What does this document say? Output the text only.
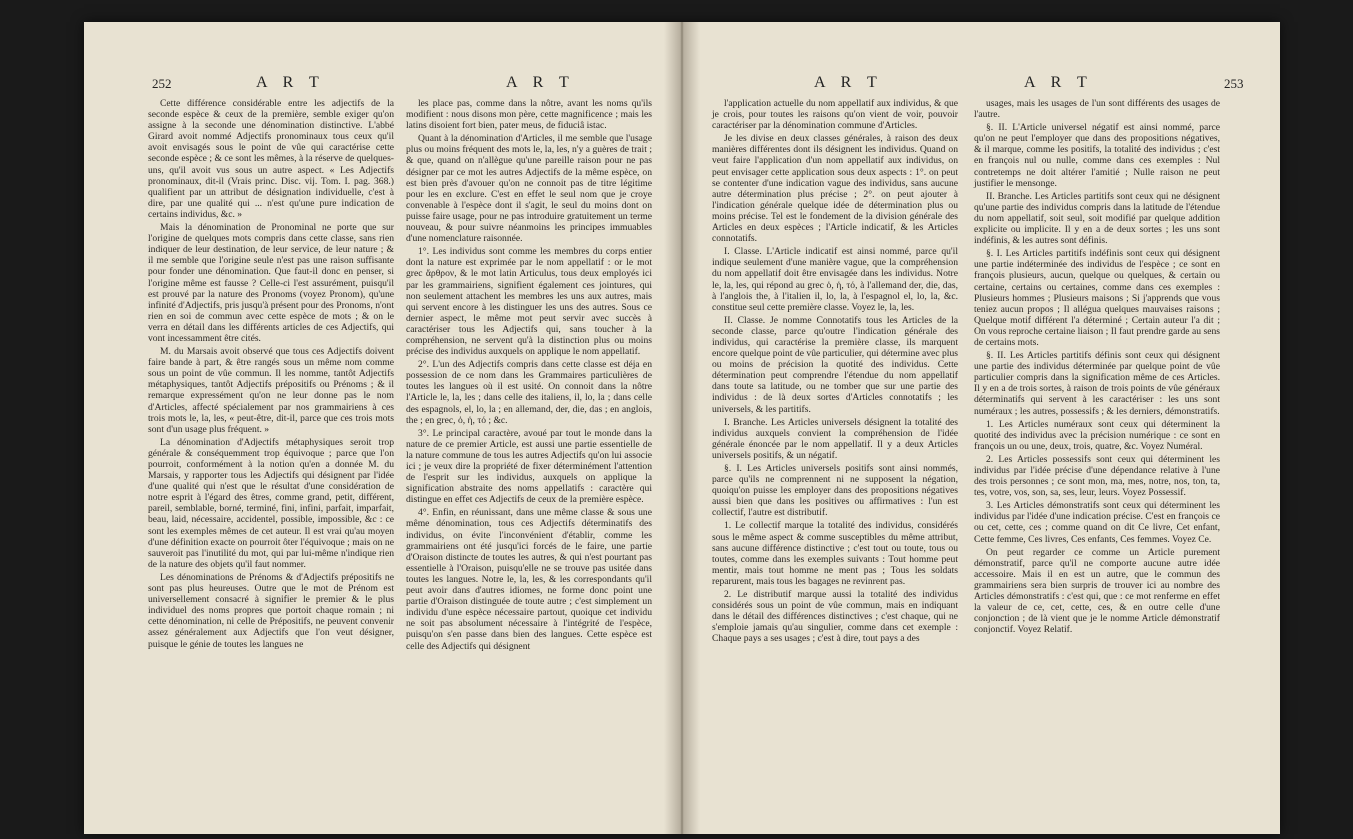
252	A R T	A R T

Cette différence considérable entre les adjectifs de la seconde espèce & ceux de la première, semble exiger qu'on assigne à la seconde une dénomination distinctive. L'abbé Girard avoit nommé Adjectifs pronominaux tous ceux qu'il avoit envisagés sous le point de vûe qui caractérise cette seconde espèce ; & ce sont les mêmes, à la réserve de quelques-uns, qu'il avoit vus sous un autre aspect. « Les Adjectifs pronominaux, dit-il (Vrais princ. Disc. vij. Tom. I. pag. 368.) qualifient par un attribut de désignation individuelle, c'est à dire, par une qualité qui ... n'est qu'une pure indication de certains individus, &c. »

Mais la dénomination de Pronominal ne porte que sur l'origine de quelques mots compris dans cette classe, sans rien indiquer de leur destination, de leur service, de leur nature ; & il me semble que l'origine seule n'est pas une raison suffisante pour fonder une dénomination. Que faut-il donc en penser, si l'origine même est fausse ? Celle-ci l'est assurément, puisqu'il est prouvé par la nature des Pronoms (voyez Pronom), qu'une infinité d'Adjectifs, pris jusqu'à présent pour des Pronoms, n'ont rien en soi de commun avec cette espèce de mots ; & on le verra en détail dans les différents articles de ces Adjectifs, qui vont incessamment être cités.

M. du Marsais avoit observé que tous ces Adjectifs doivent faire bande à part, & être rangés sous un même nom comme sous un point de vûe commun. Il les nomme, tantôt Adjectifs métaphysiques, tantôt Adjectifs prépositifs ou Prénoms ; & il remarque expressément qu'on ne leur donne pas le nom d'Articles, affecté spécialement par nos grammairiens à ces trois mots le, la, les, « peut-être, dit-il, parce que ces trois mots sont d'un usage plus fréquent. »

La dénomination d'Adjectifs métaphysiques seroit trop générale & conséquemment trop équivoque ; parce que l'on pourroit, conformément à la notion qu'en a donnée M. du Marsais, y rapporter tous les Adjectifs qui désignent par l'idée d'une qualité qui n'est que le résultat d'une considération de notre esprit à l'égard des êtres, comme grand, petit, différent, pareil, semblable, borné, terminé, fini, infini, parfait, imparfait, beau, laid, nécessaire, accidentel, possible, impossible, &c : ce sont les exemples mêmes de cet auteur. Il est vrai qu'au moyen d'une définition exacte on pourroit ôter l'équivoque ; mais on ne sauveroit pas l'inutilité du mot, qui par lui-même n'indique rien de la nature des objets qu'il faut nommer.

Les dénominations de Prénoms & d'Adjectifs prépositifs ne sont pas plus heureuses. Outre que le mot de Prénom est universellement consacré à signifier le premier & le plus individuel des noms propres que portoit chaque romain ; ni cette dénomination, ni celle de Prépositifs, ne peuvent convenir assez généralement aux Adjectifs que l'on veut désigner, puisque le génie de toutes les langues ne

les place pas, comme dans la nôtre, avant les noms qu'ils modifient : nous disons mon père, cette magnificence ; mais les latins disoient fort bien, pater meus, de fiduciâ istac.

Quant à la dénomination d'Articles, il me semble que l'usage plus ou moins fréquent des mots le, la, les, n'y a guères de trait ; & que, quand on n'allègue qu'une pareille raison pour ne pas désigner par ce mot les autres Adjectifs de la même espèce, on est bien près d'avouer qu'on ne connoit pas de titre légitime pour les en exclure. C'est en effet le seul nom que je croye convenable à l'espèce dont il s'agit, le seul du moins dont on puisse faire usage, pour ne pas introduire gratuitement un terme nouveau, & pour suivre néanmoins les principes immuables d'une nomenclature raisonnée.

1°. Les individus sont comme les membres du corps entier dont la nature est exprimée par le nom appellatif : or le mot grec ἄρθρον, & le mot latin Articulus, tous deux employés ici par les grammairiens, signifient également ces jointures, qui non seulement attachent les membres les uns aux autres, mais qui servent encore à les distinguer les uns des autres. Sous ce dernier aspect, le même mot peut servir avec succès à caractériser tous les Adjectifs qui, sans toucher à la compréhension, ne servent qu'à la distinction plus ou moins précise des individus auxquels on applique le nom appellatif.

2°. L'un des Adjectifs compris dans cette classe est déja en possession de ce nom dans les Grammaires particulières de toutes les langues où il est usité. On connoit dans la nôtre l'Article le, la, les ; dans celle des italiens, il, lo, la ; dans celle des espagnols, el, lo, la ; en allemand, der, die, das ; en anglois, the ; en grec, ὁ, ἡ, τό ; &c.

3°. Le principal caractère, avoué par tout le monde dans la nature de ce premier Article, est aussi une partie essentielle de la nature commune de tous les autres Adjectifs qu'on lui associe ici ; je veux dire la propriété de fixer déterminément l'attention de l'esprit sur les individus, auxquels on applique la signification abstraite des noms appellatifs : caractère qui distingue en effet ces Adjectifs de ceux de la première espèce.

4°. Enfin, en réunissant, dans une même classe & sous une même dénomination, tous ces Adjectifs déterminatifs des individus, on évite l'inconvénient d'établir, comme les grammairiens ont été jusqu'ici forcés de le faire, une partie d'Oraison distincte de toutes les autres, & qui n'est pourtant pas essentielle à l'Oraison, puisqu'elle ne se trouve pas usitée dans toutes les langues. Notre le, la, les, & les correspondants qu'il peut avoir dans d'autres idiomes, ne forme donc point une partie d'Oraison distinguée de toute autre ; c'est simplement un individu d'une espèce nécessaire partout, quoique cet individu ne soit pas absolument nécessaire à l'intégrité de l'espèce, puisqu'on s'en passe dans bien des langues. Cette espèce est celle des Adjectifs qui désignent

A R T	A R T	253

l'application actuelle du nom appellatif aux individus, & que je crois, pour toutes les raisons qu'on vient de voir, pouvoir caractériser par la dénomination commune d'Articles.

Je les divise en deux classes générales, à raison des deux manières différentes dont ils désignent les individus. Quand on veut faire l'application d'un nom appellatif aux individus, on peut envisager cette application sous deux aspects : 1°. on peut se contenter d'une indication vague des individus, sans aucune autre détermination plus précise ; 2°. on peut ajouter à l'indication générale quelque idée de détermination plus ou moins précise. Tel est le fondement de la division générale des Articles en deux espèces ; l'Article indicatif, & les Articles connotatifs.

I. Classe. L'Article indicatif est ainsi nommé, parce qu'il indique seulement d'une manière vague, que la compréhension du nom appellatif doit être envisagée dans les individus. Notre le, la, les, qui répond au grec ὁ, ἡ, τό, à l'allemand der, die, das, à l'anglois the, à l'italien il, lo, la, à l'espagnol el, lo, la, &c. constitue seul cette première classe. Voyez le, la, les.

II. Classe. Je nomme Connotatifs tous les Articles de la seconde classe, parce qu'outre l'indication générale des individus, qui caractérise la première classe, ils marquent encore quelque point de vûe particulier, qui détermine avec plus ou moins de précision la quotité des individus. Cette détermination peut comprendre l'étendue du nom appellatif dans toute sa latitude, ou ne tomber que sur une partie des individus : de là deux sortes d'Articles connotatifs ; les universels, & les partitifs.

I. Branche. Les Articles universels désignent la totalité des individus auxquels convient la compréhension de l'idée générale énoncée par le nom appellatif. Il y a deux Articles universels positifs, & un négatif.

§. I. Les Articles universels positifs sont ainsi nommés, parce qu'ils ne comprennent ni ne supposent la négation, quoiqu'on puisse les employer dans des propositions négatives aussi bien que dans les positives ou affirmatives : l'un est collectif, l'autre est distributif.

1. Le collectif marque la totalité des individus, considérés sous le même aspect & comme susceptibles du même attribut, sans aucune différence distinctive ; c'est tout ou toute, tous ou toutes, comme dans les exemples suivants : Tout homme peut mentir, mais tout homme ne ment pas ; Tous les soldats reparurent, mais tous les bagages ne revinrent pas.

2. Le distributif marque aussi la totalité des individus considérés sous un point de vûe commun, mais en indiquant dans le détail des différences distinctives ; c'est chaque, qui ne s'emploie jamais qu'au singulier, comme dans cet exemple : Chaque pays a ses usages ; c'est à dire, tout pays a des

usages, mais les usages de l'un sont différents des usages de l'autre.

§. II. L'Article universel négatif est ainsi nommé, parce qu'on ne peut l'employer que dans des propositions négatives, & il marque, comme les positifs, la totalité des individus ; c'est en françois nul ou nulle, comme dans ces exemples : Nul contretemps ne doit altérer l'amitié ; Nulle raison ne peut justifier le mensonge.

II. Branche. Les Articles partitifs sont ceux qui ne désignent qu'une partie des individus compris dans la latitude de l'étendue du nom appellatif, soit seul, soit modifié par quelque addition explicite ou implicite. Il y en a de deux sortes ; les uns sont indéfinis, & les autres sont définis.

§. I. Les Articles partitifs indéfinis sont ceux qui désignent une partie indéterminée des individus de l'espèce ; ce sont en françois plusieurs, aucun, quelque ou quelques, & certain ou certaine, certains ou certaines, comme dans ces exemples : Plusieurs hommes ; Plusieurs maisons ; Si j'apprends que vous teniez aucun propos ; Il allégua quelques mauvaises raisons ; Quelque motif différent l'a déterminé ; Certain auteur l'a dit ; On vous reproche certaine liaison ; Il faut prendre garde au sens de certains mots.

§. II. Les Articles partitifs définis sont ceux qui désignent une partie des individus déterminée par quelque point de vûe particulier compris dans la signification même de ces Articles. Il y en a de trois sortes, à raison de trois points de vûe généraux déterminatifs qui servent à les caractériser : les uns sont numéraux ; les autres, possessifs ; & les derniers, démonstratifs.

1. Les Articles numéraux sont ceux qui déterminent la quotité des individus avec la précision numérique : ce sont en françois un ou une, deux, trois, quatre, &c. Voyez Numéral.

2. Les Articles possessifs sont ceux qui déterminent les individus par l'idée précise d'une dépendance relative à l'une des trois personnes ; ce sont mon, ma, mes, notre, nos, ton, ta, tes, votre, vos, son, sa, ses, leur, leurs. Voyez Possessif.

3. Les Articles démonstratifs sont ceux qui déterminent les individus par l'idée d'une indication précise. C'est en françois ce ou cet, cette, ces ; comme quand on dit Ce livre, Cet enfant, Cette femme, Ces livres, Ces enfants, Ces femmes. Voyez Ce.

On peut regarder ce comme un Article purement démonstratif, parce qu'il ne comporte aucune autre idée accessoire. Mais il en est un autre, que le commun des grammairiens sera bien surpris de trouver ici au nombre des Articles démonstratifs : c'est qui, que : ce mot renferme en effet la valeur de ce, cet, cette, ces, & en outre celle d'une conjonction ; de là vient que je le nomme Article démonstratif conjonctif. Voyez Relatif.
